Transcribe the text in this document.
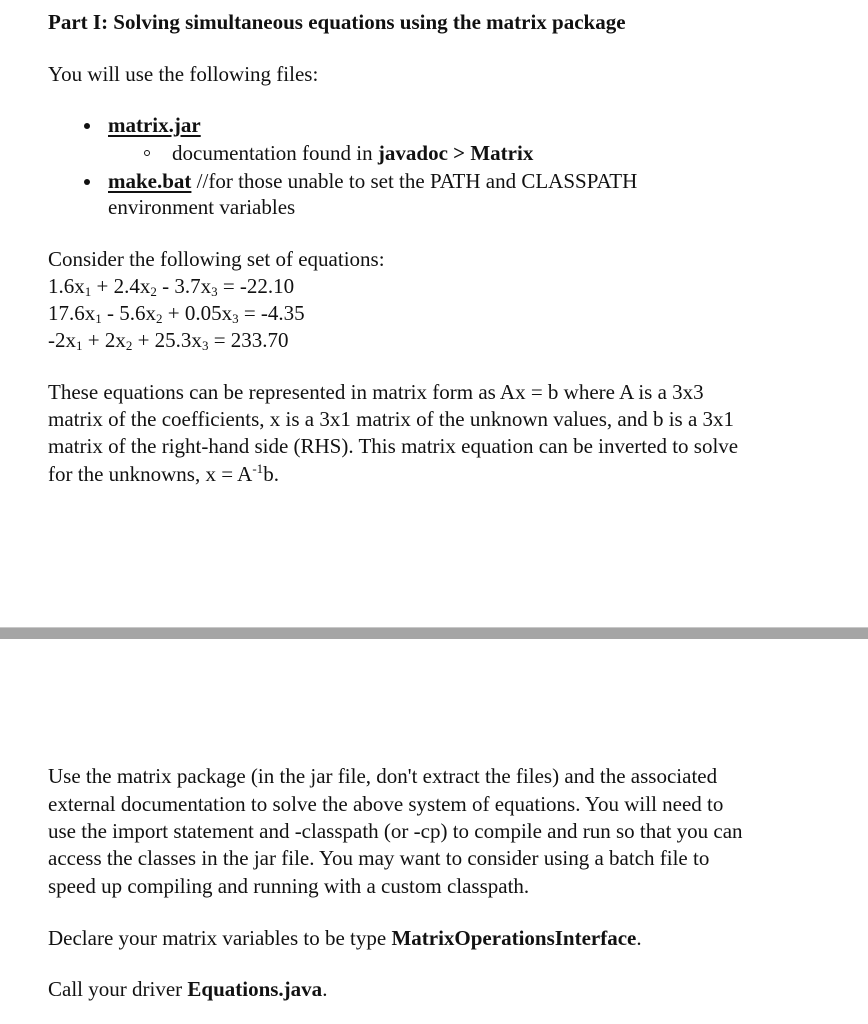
Part I: Solving simultaneous equations using the matrix package
You will use the following files:
matrix.jar
documentation found in javadoc > Matrix
make.bat //for those unable to set the PATH and CLASSPATH
environment variables
Consider the following set of equations:
$1.6x_1 + 2.4x_2 - 3.7x_3 = -22.10$
$17.6x_1 - 5.6x_2 + 0.05x_3 = -4.35$
$-2x_1 + 2x_2 + 25.3x_3 = 233.70$
These equations can be represented in matrix form as Ax = b where A is a 3x3
matrix of the coefficients, x is a 3x1 matrix of the unknown values, and b is a 3x1
matrix of the right-hand side (RHS). This matrix equation can be inverted to solve
for the unknowns, $x = A^{-1}b$.
Use the matrix package (in the jar file, don't extract the files) and the associated
external documentation to solve the above system of equations. You will need to
use the import statement and -classpath (or -cp) to compile and run so that you can
access the classes in the jar file. You may want to consider using a batch file to
speed up compiling and running with a custom classpath.
Declare your matrix variables to be type MatrixOperationsInterface.
Call your driver Equations.java.
